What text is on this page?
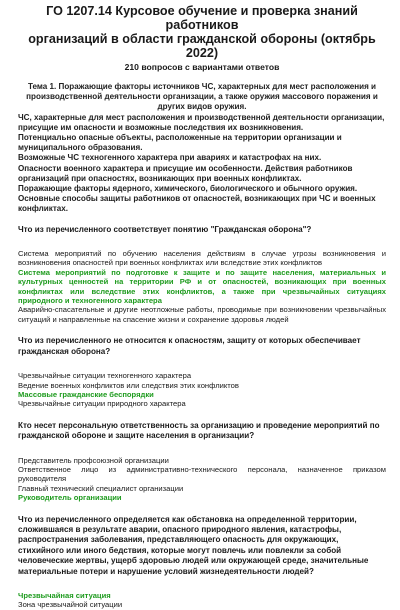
ГО 1207.14 Курсовое обучение и проверка знаний работников
организаций в области гражданской обороны (октябрь 2022)
210 вопросов с вариантами ответов
Тема 1. Поражающие факторы источников ЧС, характерных для мест расположения и производственной деятельности организации, а также оружия массового поражения и других видов оружия.
ЧС, характерные для мест расположения и производственной деятельности организации, присущие им опасности и возможные последствия их возникновения.
Потенциально опасные объекты, расположенные на территории организации и муниципального образования.
Возможные ЧС техногенного характера при авариях и катастрофах на них.
Опасности военного характера и присущие им особенности. Действия работников организаций при опасностях, возникающих при военных конфликтах.
Поражающие факторы ядерного, химического, биологического и обычного оружия.
Основные способы защиты работников от опасностей, возникающих при ЧС и военных конфликтах.

Что из перечисленного соответствует понятию "Гражданская оборона"?

Система мероприятий по обучению населения действиям в случае угрозы возникновения и возникновения опасностей при военных конфликтах или вследствие этих конфликтов

Система мероприятий по подготовке к защите и по защите населения, материальных и культурных ценностей на территории РФ и от опасностей, возникающих при военных конфликтах или вследствие этих конфликтов, а также при чрезвычайных ситуациях природного и техногенного характера

Аварийно-спасательные и другие неотложные работы, проводимые при возникновении чрезвычайных ситуаций и направленные на спасение жизни и сохранение здоровья людей

Что из перечисленного не относится к опасностям, защиту от которых обеспечивает гражданская оборона?

Чрезвычайные ситуации техногенного характера

Ведение военных конфликтов или следствия этих конфликтов

Массовые гражданские беспорядки

Чрезвычайные ситуации природного характера

Кто несет персональную ответственность за организацию и проведение мероприятий по гражданской обороне и защите населения в организации?

Представитель профсоюзной организации

Ответственное лицо из административно-технического персонала, назначенное приказом руководителя

Главный технический специалист организации

Руководитель организации

Что из перечисленного определяется как обстановка на определенной территории, сложившаяся в результате аварии, опасного природного явления, катастрофы, распространения заболевания, представляющего опасность для окружающих, стихийного или иного бедствия, которые могут повлечь или повлекли за собой человеческие жертвы, ущерб здоровью людей или окружающей среде, значительные материальные потери и нарушение условий жизнедеятельности людей?

Чрезвычайная ситуация

Зона чрезвычайной ситуации
